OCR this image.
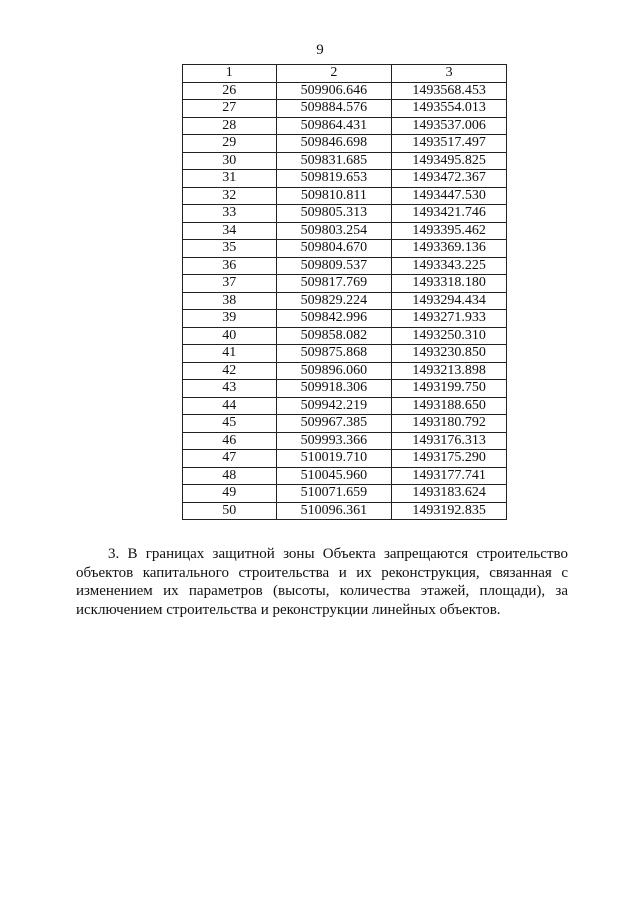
9
1	2	3
26	509906.646	1493568.453
27	509884.576	1493554.013
28	509864.431	1493537.006
29	509846.698	1493517.497
30	509831.685	1493495.825
31	509819.653	1493472.367
32	509810.811	1493447.530
33	509805.313	1493421.746
34	509803.254	1493395.462
35	509804.670	1493369.136
36	509809.537	1493343.225
37	509817.769	1493318.180
38	509829.224	1493294.434
39	509842.996	1493271.933
40	509858.082	1493250.310
41	509875.868	1493230.850
42	509896.060	1493213.898
43	509918.306	1493199.750
44	509942.219	1493188.650
45	509967.385	1493180.792
46	509993.366	1493176.313
47	510019.710	1493175.290
48	510045.960	1493177.741
49	510071.659	1493183.624
50	510096.361	1493192.835
3. В границах защитной зоны Объекта запрещаются строительство объектов капитального строительства и их реконструкция, связанная с изменением их параметров (высоты, количества этажей, площади), за исключением строительства и реконструкции линейных объектов.
